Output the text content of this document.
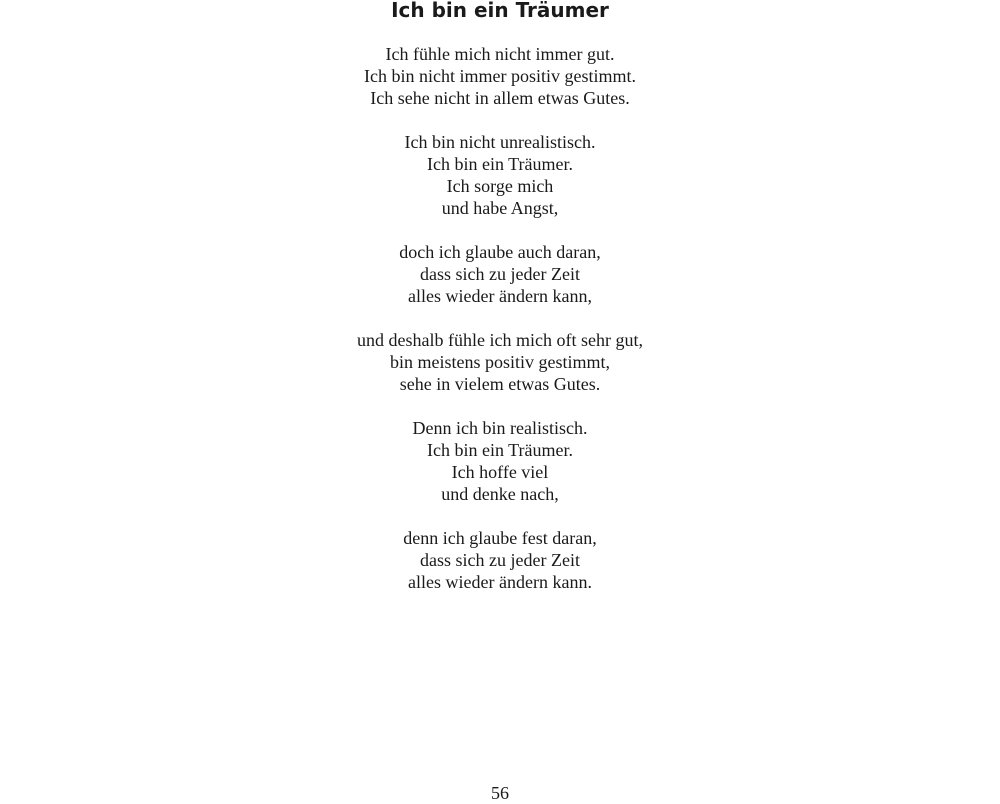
Ich bin ein Träumer
Ich fühle mich nicht immer gut.
Ich bin nicht immer positiv gestimmt.
Ich sehe nicht in allem etwas Gutes.
Ich bin nicht unrealistisch.
Ich bin ein Träumer.
Ich sorge mich
und habe Angst,
doch ich glaube auch daran,
dass sich zu jeder Zeit
alles wieder ändern kann,
und deshalb fühle ich mich oft sehr gut,
bin meistens positiv gestimmt,
sehe in vielem etwas Gutes.
Denn ich bin realistisch.
Ich bin ein Träumer.
Ich hoffe viel
und denke nach,
denn ich glaube fest daran,
dass sich zu jeder Zeit
alles wieder ändern kann.
56
